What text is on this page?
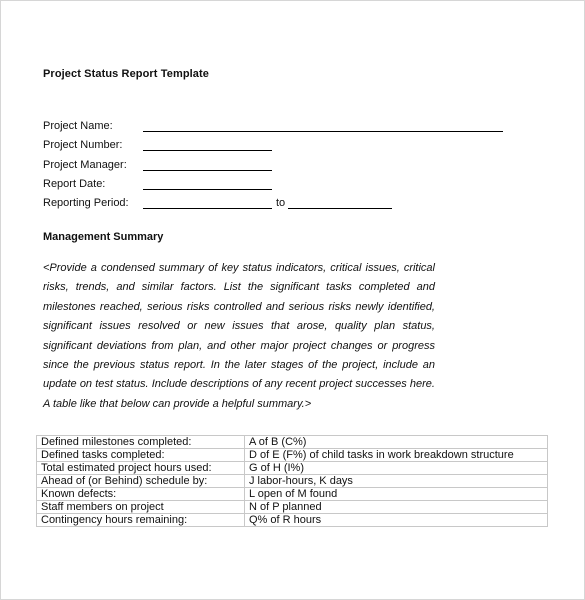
Project Status Report Template
Project Name:
Project Number:
Project Manager:
Report Date:
Reporting Period:	to
Management Summary
<Provide a condensed summary of key status indicators, critical issues, critical risks, trends, and similar factors. List the significant tasks completed and milestones reached, serious risks controlled and serious risks newly identified, significant issues resolved or new issues that arose, quality plan status, significant deviations from plan, and other major project changes or progress since the previous status report. In the later stages of the project, include an update on test status. Include descriptions of any recent project successes here. A table like that below can provide a helpful summary.>
Defined milestones completed:	A of B (C%)
Defined tasks completed:	D of E (F%) of child tasks in work breakdown structure
Total estimated project hours used:	G of H (I%)
Ahead of (or Behind) schedule by:	J labor-hours, K days
Known defects:	L open of M found
Staff members on project	N of P planned
Contingency hours remaining:	Q% of R hours
